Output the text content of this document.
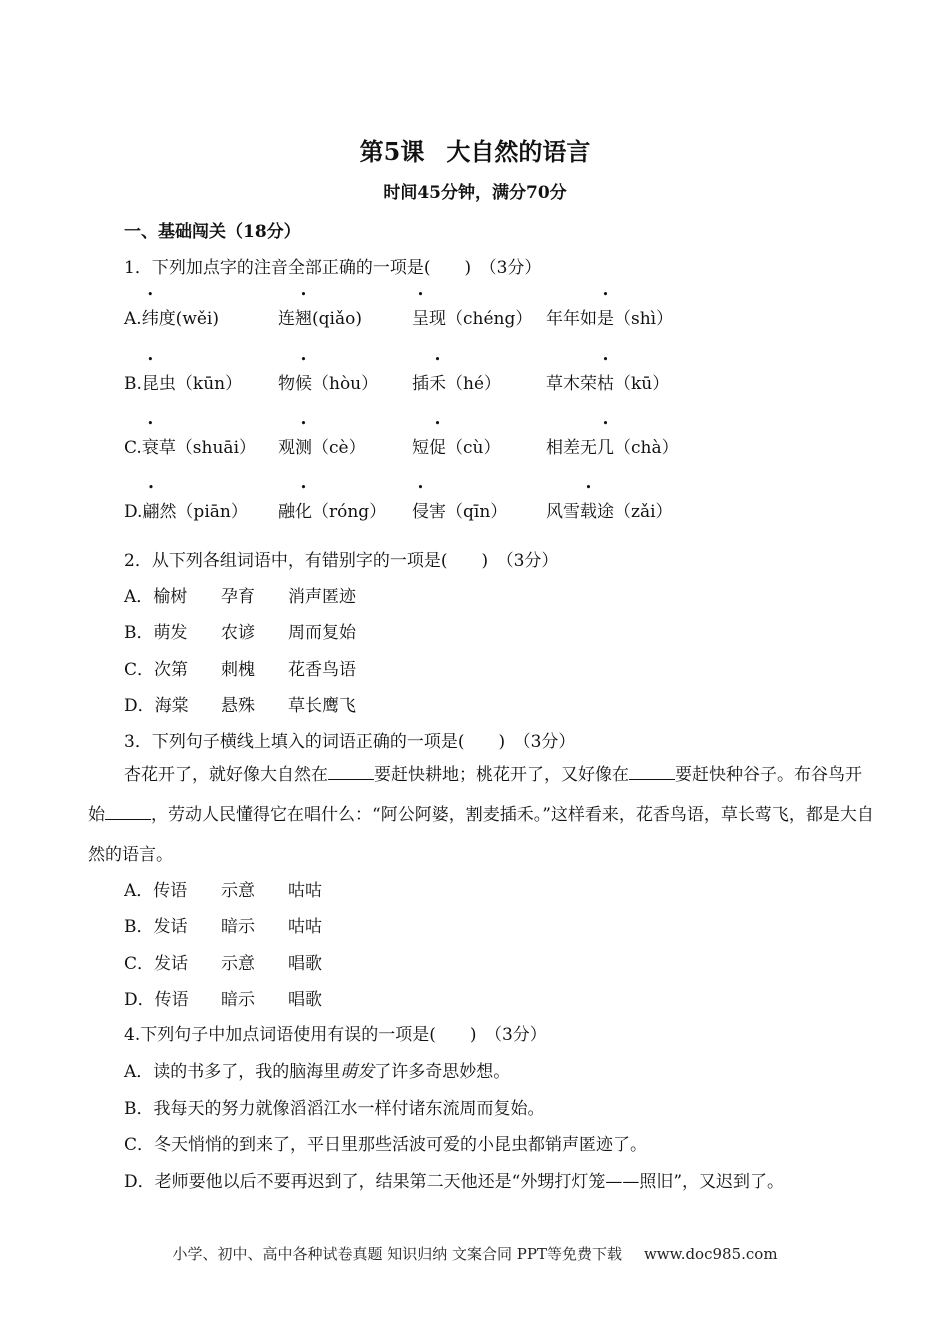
第5课 大自然的语言
时间45分钟，满分70分
一、基础闯关（18分）
1．下列加点字的注音全部正确的一项是(　　)　（3分）
A.纬度(wěi)	连翘(qiǎo)	呈现（chéng） 年年如是（shì）
B.昆虫（kūn） 物候（hòu） 插禾（hé）	草木荣枯（kū）
C.衰草（shuāi） 观测（cè）	短促（cù）	相差无几（chà）
D.翩然（piān） 融化（róng） 侵害（qīn） 风雪载途（zǎi）
2．从下列各组词语中，有错别字的一项是(　　)　（3分）
A．榆树 孕育 消声匿迹
B．萌发 农谚 周而复始
C．次第 刺槐 花香鸟语
D．海棠 悬殊 草长鹰飞
3．下列句子横线上填入的词语正确的一项是(　　)　（3分）
杏花开了，就好像大自然在	要赶快耕地；桃花开了，又好像在	要赶快种谷子。布谷鸟开始	，劳动人民懂得它在唱什么：“阿公阿婆，割麦插禾。”这样看来，花香鸟语，草长莺飞，都是大自然的语言。
A．传语 示意 咕咕
B．发话 暗示 咕咕
C．发话 示意 唱歌
D．传语 暗示 唱歌
4.下列句子中加点词语使用有误的一项是(　　)　（3分）
A．读的书多了，我的脑海里萌发了许多奇思妙想。
B．我每天的努力就像滔滔江水一样付诸东流周而复始。
C．冬天悄悄的到来了，平日里那些活波可爱的小昆虫都销声匿迹了。
D．老师要他以后不要再迟到了，结果第二天他还是“外甥打灯笼——照旧”，又迟到了。
小学、初中、高中各种试卷真题 知识归纳 文案合同 PPT等免费下载 www.doc985.com
